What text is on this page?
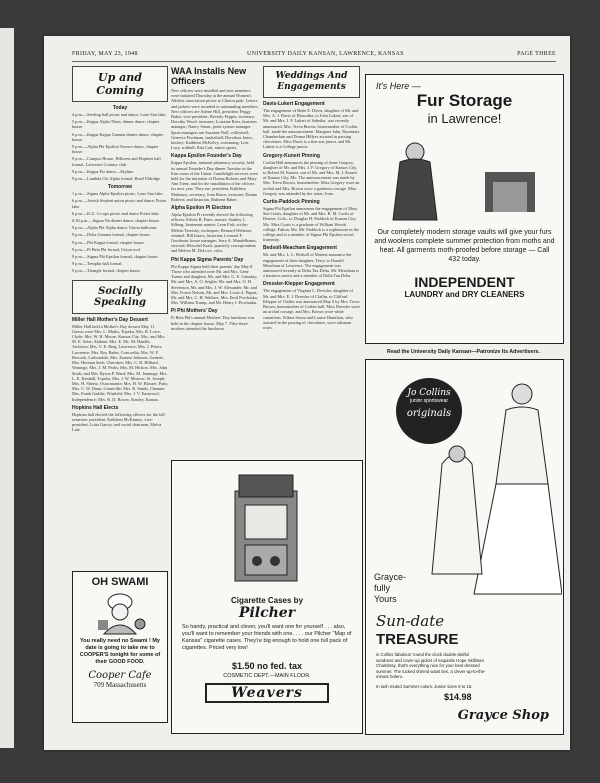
FRIDAY, MAY 23, 1948	UNIVERSITY DAILY KANSAN, LAWRENCE, KANSAS	PAGE THREE
Up and Coming
Today

4 p.m.—Sterling hall picnic and dance, Lone Star lake.

5 p.m.—Kappa Alpha Theta, dinner dance, chapter house.

6 p.m.—Kappa Kappa Gamma dinner dance, chapter house.

9 p.m.—Alpha Phi Epsilon Terrace dance, chapter house.

9 p.m.—Campus House, Hillcrest and Hopkins hall formal, Lawrence Country club.

9 p.m.—Kappa Psi dance—Skyline.

9 p.m.—Lambda Chi Alpha formal, Hotel Eldridge.

Tomorrow

1 p.m.—Sigma Alpha Epsilon picnic, Lone Star lake.

6 p.m.—Jewish Student union picnic and dance, Potter lake.

6 p.m.—K.U. Co-ops picnic and dance Potter lake.

6:30 p.m.—Sigma Nu dinner dance, chapter house.

9 p.m.—Alpha Phi Alpha dance, Union ballroom.

9 p.m.—Delta Gamma formal, chapter house.

9 p.m.—Phi Kappa formal, chapter house.

9 p.m.—Pi Beta Phi formal, Union roof.

9 p.m.—Sigma Phi Epsilon formal, chapter house.

9 p.m.—Templin hall formal.

9 p.m.—Triangle formal, chapter house.

Socially Speaking
Miller Hall Mother's Day Dessert
Miller Hall held a Mother's Day dessert May 11. Guests were Mrs. L. Marks, Topeka; Mrs. R. Lowe, Clyde; Mrs. W. H. Moore, Kansas City, Mo.; and Mrs. M. E. Soler, Abilene; Mrs. E. Mc. M. Handle, Atchison; Mrs. V. E. Berg, Lawrence; Mrs. J. Peters, Lawrence; Mrs. Roy Rader, Concordia; Mrs. W. F. Berczek, Carbondale; Mrs. Earnest Johnson, Garnett; Mrs. Herman Seeb, Cherokee; Mrs. C. B. Hilliard, Wamego; Mrs. J. M. Parks; Mrs. M. Hickox; Mrs. John Stork; and Mrs. Byron P. Ward; Mrs. M. Jennings; Mrs. L. E. Kendall, Topeka; Mrs. J. W. Morrow, St. Joseph; Mrs. H. Sheetz, Osawatomie; Mrs. H. W. Blosser, Pratt; Mrs. C. W. Dunn, Grantville; Mrs. R. Smith, Chanute; Mrs. Frank Gaddie, Winfield; Mrs. J. V. Eastwood, Independence; Mrs. R. D. Bower, Stanley, Kansas.
Hopkins Hall Elects
Hopkins hall elected the following officers for the fall semester: president, Kathleen McKinney; vice-president, Lotta Garcia; and social chairman, Melva Lutz.
OH SWAMI
You really need no Swami ! My date is going to take me to COOPER'S tonight for some of their GOOD FOOD.
Cooper Cafe
709 Massachusetts
WAA Installs New Officers
New officers were installed and new members were initiated Thursday at the annual Women's Athletic association picnic at Clinton park. Letters and jackets were awarded to outstanding members. New officers are Arlene Hill, president; Peggy Baker, vice-president; Beverly Pepper, secretary; Dorothy Wood, treasurer; Lorraine Rees, business manager; Nancy Smart, point system manager. Sport managers are Suzanne Noll, volleyball; Genevra Fischman, basketball; Dorothea Jones, hockey; Kathleen McKelvy, swimming; Lois Lucy, softball; Rita Carl, minor sports.
Kappa Epsilon Founder's Day
Kappa Epsilon, national pharmacy sorority, held its annual Founder's Day dinner Tuesday in the East room of the Union. Candlelight services were held for the initiation of Donna Roberts and Mary Ann Trent, and for the installation of the officers for next year. They are: president, Kathleen Mahoney; secretary, Joan Bruce; treasurer, Donna Roberts; and historian, Ruthene Baker.
Alpha Epsilon Pi Election
Alpha Epsilon Pi recently elected the following officers: Edwin B. Pates, master; Stanley L. Silberg, lieutenant master; Leon Fish, scribe; Melvin Teretsky, exchequer; Bernard Weltzner, sentinel; Bill Isaacs, historian; Leonard F. Goodman, house manager; Jerry A. Mandelbaum, steward; Herschel Kraft, quarterly correspondent; and Melvin M. DeLove, critic.
Phi Kappa Sigma Parents' Day
Phi Kappa Sigma held their parents' day May 8. Those who attended were Mr. and Mrs. Gene Turner and daughter, Mr. and Mrs. G. E. Canaday, Mr. and Mrs. A. O. Seigler, Mr. and Mrs. O. H. Stevenson, Mr. and Mrs. J. W. Alexander, Mr. and Mrs. Forest Nelson, Mr. and Mrs. Louis A. Piquet, Mr. and Mrs. C. H. Wallace, Mrs. Emil Prochaska, Mrs. William Trump, and Mr. Henry J. Prochaska.
Pi Phi Mothers' Day
Pi Beta Phi's annual Mothers' Day luncheon was held in the chapter house, May 7. Fifty-three mothers attended the luncheon.
Weddings And Engagements
Davis-Lukert Engagement
The engagement of Bette E. Davis, daughter of Mr. and Mrs. A. J. Davis of Hiawatha, to John Lukert, son of Mr. and Mrs. J. F. Lukert of Sabetha, was recently announced. Mrs. Treva Brown, housemother of Corbin hall, made the announcement. Margaret Jahn, Rosemary Chamberlain and Donna Hillyer assisted in passing chocolates. Miss Davis is a fine arts junior, and Mr. Lukert is a College junior.
Gregory-Kunert Pinning
Corbin Hall announces the pinning of Janet Gregory, daughter of Mr. and Mrs. J. F. Gregory of Kansas City, to Robert M. Kunert, son of Mr. and Mrs. M. J. Kunert of Kansas City, Mo. The announcement was made by Mrs. Treva Brown, housemother. Miss Gregory wore an orchid and Mrs. Brown wore a gardenia corsage. Miss Gregory was attended by her sister, Joan.
Curtis-Paddock Pinning
Sigma Phi Epsilon announces the engagement of Mary Sue Curtis, daughter of Mr. and Mrs. B. M. Curtis of Denver, Colo., to Douglas H. Paddock of Kansas City, Mo. Miss Curtis is a graduate of William Woods college, Fulton, Mo. Mr. Paddock is a sophomore in the college and is a member of Sigma Phi Epsilon social fraternity.
Bedsoll-Meacham Engagement
Mr. and Mrs. L. L. Bedsoll of Marion announce the engagement of their daughter, Terry, to Donald Meacham of Lawrence. The engagement was announced recently at Delta Tau Delta. Mr. Meacham is a business senior and a member of Delta Tau Delta.
Dressler-Klepper Engagement
The engagement of Virginia L. Dressler, daughter of Mr. and Mrs. E. J. Dressler of Claflin, to Clifford Klepper of Claflin was announced May 6 by Mrs. Treva Brown, housemother of Corbin hall. Miss Dressler wore an orchid corsage, and Mrs. Brown wore white carnations. Wilma Storm and Louise Hamilton, who assisted in the passing of chocolates, wore talisman roses.
Cigarette Cases by
Pilcher
So handy, practical and clever, you'll want one for yourself . . . also, you'll want to remember your friends with one. . . . our Pilcher "Map of Kansas" cigarette cases. They're big enough to hold one full pack of cigarettes. Priced very low!
$1.50 no fed. tax
COSMETIC DEPT.—MAIN FLOOR.
Weavers
It's Here —
Fur Storage
in Lawrence!
Our completely modern storage vaults will give your furs and woolens complete summer protection from moths and heat. All garments moth-proofed before storage — Call 432 today.
INDEPENDENT
LAUNDRY and DRY CLEANERS
Read the University Daily Kansan—Patronize Its Advertisers.
Jo Collins
junior sportswear
originals
Grayce-
fully
Yours
Sun-date
TREASURE
in Collins fabulous 'round the clock double-dutiful sundress and cover-up jacket of exquisite Hope Skillman Chambray, that's everything nice for your best dressed summer. The tucked shirred waist ties, a clever-up-to-the-minute bolero.
In lush muted Summer colors. Junior sizes 9 to 15.
$14.98
Grayce Shop
